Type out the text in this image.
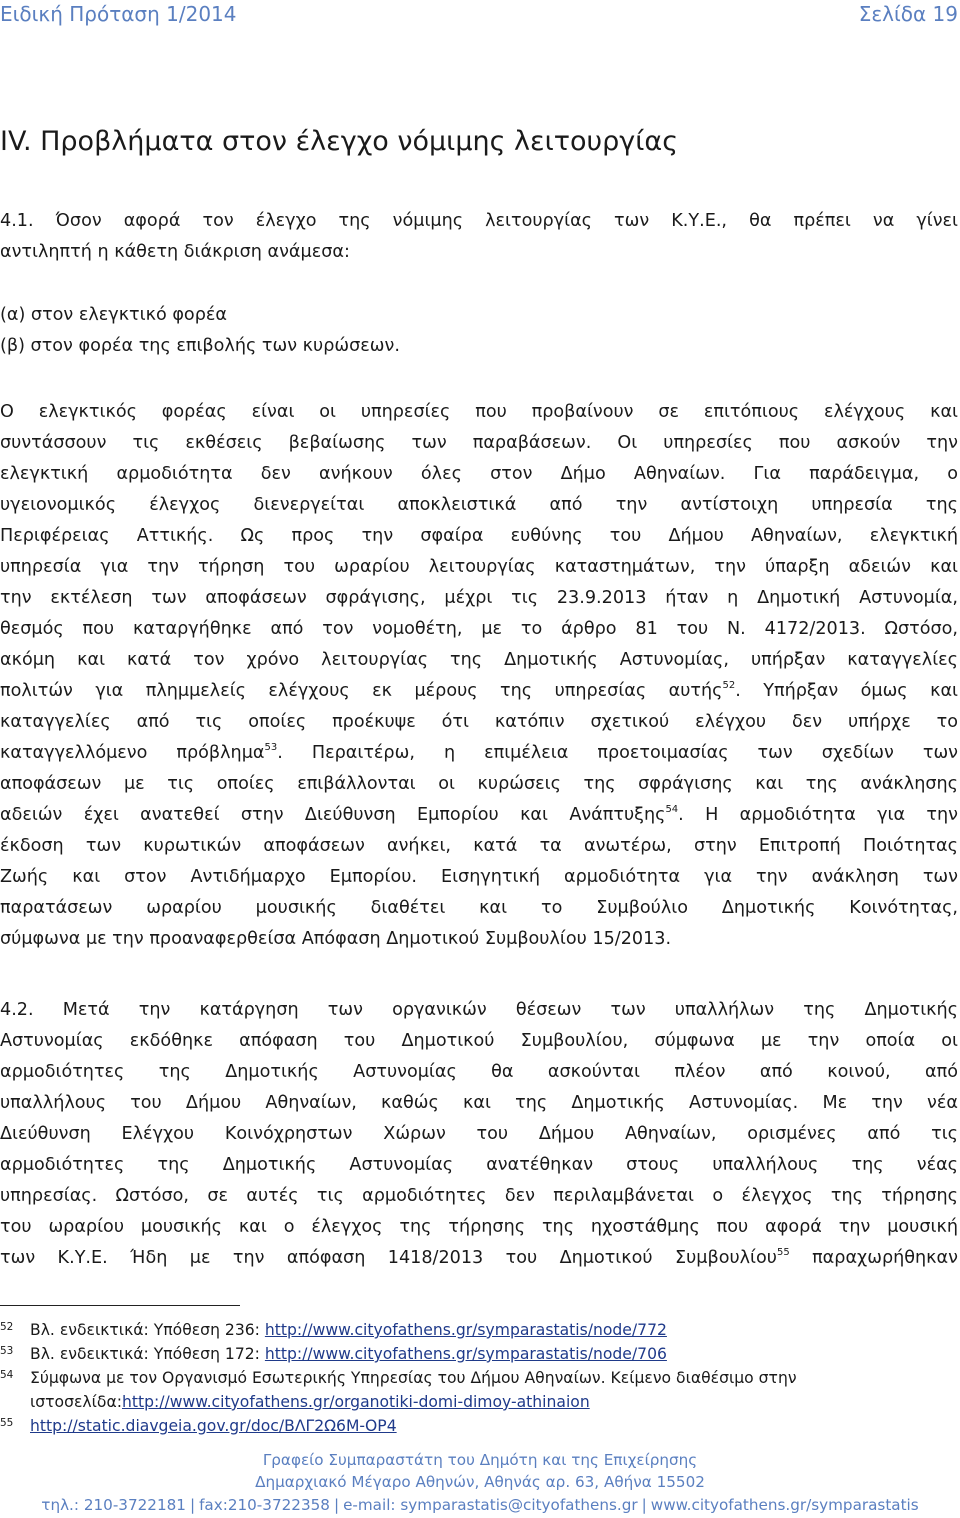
Ειδική Πρόταση 1/2014	Σελίδα 19
IV. Προβλήματα στον έλεγχο νόμιμης λειτουργίας
4.1. Όσον αφορά τον έλεγχο της νόμιμης λειτουργίας των Κ.Υ.Ε., θα πρέπει να γίνει
αντιληπτή η κάθετη διάκριση ανάμεσα:
(α) στον ελεγκτικό φορέα
(β) στον φορέα της επιβολής των κυρώσεων.
Ο ελεγκτικός φορέας είναι οι υπηρεσίες που προβαίνουν σε επιτόπιους ελέγχους και
συντάσσουν τις εκθέσεις βεβαίωσης των παραβάσεων. Οι υπηρεσίες που ασκούν την
ελεγκτική αρμοδιότητα δεν ανήκουν όλες στον Δήμο Αθηναίων. Για παράδειγμα, ο
υγειονομικός έλεγχος διενεργείται αποκλειστικά από την αντίστοιχη υπηρεσία της
Περιφέρειας Αττικής. Ως προς την σφαίρα ευθύνης του Δήμου Αθηναίων, ελεγκτική
υπηρεσία για την τήρηση του ωραρίου λειτουργίας καταστημάτων, την ύπαρξη αδειών και
την εκτέλεση των αποφάσεων σφράγισης, μέχρι τις 23.9.2013 ήταν η Δημοτική Αστυνομία,
θεσμός που καταργήθηκε από τον νομοθέτη, με το άρθρο 81 του Ν. 4172/2013. Ωστόσο,
ακόμη και κατά τον χρόνο λειτουργίας της Δημοτικής Αστυνομίας, υπήρξαν καταγγελίες
πολιτών για πλημμελείς ελέγχους εκ μέρους της υπηρεσίας αυτής$^{52}$. Υπήρξαν όμως και
καταγγελίες από τις οποίες προέκυψε ότι κατόπιν σχετικού ελέγχου δεν υπήρχε το
καταγγελλόμενο πρόβλημα$^{53}$. Περαιτέρω, η επιμέλεια προετοιμασίας των σχεδίων των
αποφάσεων με τις οποίες επιβάλλονται οι κυρώσεις της σφράγισης και της ανάκλησης
αδειών έχει ανατεθεί στην Διεύθυνση Εμπορίου και Ανάπτυξης$^{54}$. Η αρμοδιότητα για την
έκδοση των κυρωτικών αποφάσεων ανήκει, κατά τα ανωτέρω, στην Επιτροπή Ποιότητας
Ζωής και στον Αντιδήμαρχο Εμπορίου. Εισηγητική αρμοδιότητα για την ανάκληση των
παρατάσεων ωραρίου μουσικής διαθέτει και το Συμβούλιο Δημοτικής Κοινότητας,
σύμφωνα με την προαναφερθείσα Απόφαση Δημοτικού Συμβουλίου 15/2013.
4.2. Μετά την κατάργηση των οργανικών θέσεων των υπαλλήλων της Δημοτικής
Αστυνομίας εκδόθηκε απόφαση του Δημοτικού Συμβουλίου, σύμφωνα με την οποία οι
αρμοδιότητες της Δημοτικής Αστυνομίας θα ασκούνται πλέον από κοινού, από
υπαλλήλους του Δήμου Αθηναίων, καθώς και της Δημοτικής Αστυνομίας. Με την νέα
Διεύθυνση Ελέγχου Κοινόχρηστων Χώρων του Δήμου Αθηναίων, ορισμένες από τις
αρμοδιότητες της Δημοτικής Αστυνομίας ανατέθηκαν στους υπαλλήλους της νέας
υπηρεσίας. Ωστόσο, σε αυτές τις αρμοδιότητες δεν περιλαμβάνεται ο έλεγχος της τήρησης
του ωραρίου μουσικής και ο έλεγχος της τήρησης της ηχοστάθμης που αφορά την μουσική
των Κ.Υ.Ε. Ήδη με την απόφαση 1418/2013 του Δημοτικού Συμβουλίου$^{55}$ παραχωρήθηκαν
52 Βλ. ενδεικτικά: Υπόθεση 236: http://www.cityofathens.gr/symparastatis/node/772
53 Βλ. ενδεικτικά: Υπόθεση 172: http://www.cityofathens.gr/symparastatis/node/706
54 Σύμφωνα με τον Οργανισμό Εσωτερικής Υπηρεσίας του Δήμου Αθηναίων. Κείμενο διαθέσιμο στην
ιστοσελίδα:http://www.cityofathens.gr/organotiki-domi-dimoy-athinaion
55 http://static.diavgeia.gov.gr/doc/ΒΛΓ2Ω6Μ-ΟΡ4
Γραφείο Συμπαραστάτη του Δημότη και της Επιχείρησης
Δημαρχιακό Μέγαρο Αθηνών, Αθηνάς αρ. 63, Αθήνα 15502
τηλ.: 210-3722181 | fax:210-3722358 | e-mail: symparastatis@cityofathens.gr | www.cityofathens.gr/symparastatis
